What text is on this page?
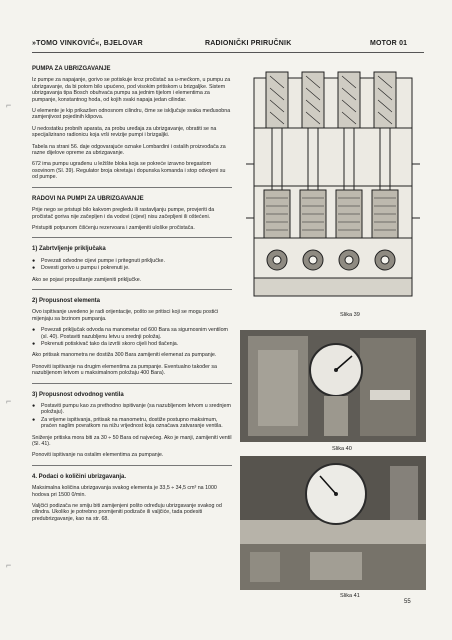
»TOMO VINKOVIĆ«, BJELOVAR	RADIONIČKI PRIRUČNIK	MOTOR 01
⌐
⌐
⌐
PUMPA ZA UBRIZGAVANJE

Iz pumpe za napajanje, gorivo se potiskuje kroz pročistač sa u-mećkom, u pumpu za ubrizgavanje, da bi potom bilo upućeno, pod visokim pritiskom u brizgaljke. Sistem ubrizgavanja tipa Bosch obuhvaća pumpu sa jednim tijelom i elementima za pumpanje, konstantnog hoda, od kojih svaki napaja jedan cilindar.

U elemente je kip prikazšen odnosnom cilindru, čime se isključuje svaka međusobna zamjenjivost pojedinih klipova.

U nedostatku probnih aparata, za probu uređaja za ubrizgavanje, obratiti se na specijalizirano radionicu koja vrši revizije pumpi i brizgaljki.

Tabela na strani 56. daje odgovarajuće oznake Lombardini i ostalih proizvođača za razne dijelove opreme za ubrizgavanje.

672 ima pumpu ugrađenu u ležište bloka koja se pokreće izravno bregastom osovinom (Sl. 39). Regulator broja okretaja i dopunska komanda i stop odvojeni su od pumpe.

RADOVI NA PUMPI ZA UBRIZGAVANJE

Prije nego se pristupi bilo kakvom pregledu ili rastavljanju pumpe, provjeriti da pročistač goriva nije začepljen i da vodovi (cijevi) nisu začepljeni ili oštećeni.

Pristupiti potpunom čišćenju rezervoara i zamijeniti uloške pročistača.

1) Zabrtvljenje priključaka
● Povezati odvodne cijevi pumpe i pritegnuti priključke.
● Dovesti gorivo u pumpu i pokrenuti je.

Ako se pojavi propuštanje zamijeniti priključke.

2) Propusnost elementa

Ovo ispitivanje uvedeno je radi orijentacije, pošto se pritisci koji se mogu postići mijenjaju sa brzinom pumpanja.

● Povezati priključak odvoda na manometar od 600 Bara sa sigurnosnim ventilom (sl. 40). Postaviti nazubljenu letvu u srednji položaj.
● Pokrenuti potiskivač tako da izvrši skoro cijeli hod tlačenja.

Ako pritisak manometra ne dostiža 300 Bara zamijeniti elemenat za pumpanje.

Ponoviti ispitivanje na drugim elementima za pumpanje. Eventualno također sa nazubljenom letvom u maksimalnom položaju 400 Bara).

3) Propusnost odvodnog ventila
● Postaviti pumpu kao za prethodno ispitivanje (sa nazubljenom letvom u srednjem položaju).
● Za vrijeme ispitivanja, pritisak na manometru, dostiže postupno maksimum, praćen naglim povratkom na nižu vrijednost koja označava zatvaranje ventila.

Sniženje pritiska mora biti za 30 ÷ 50 Bara od najvećeg. Ako je manji, zamijeniti ventil (Sl. 41).

Ponoviti ispitivanje na ostalim elementima za pumpanje.

4. Podaci o količini ubrizgavanja.

Maksimalna količina ubrizgavanja svakog elementa je 33,5 ÷ 34,5 cm³ na 1000 hodova pri 1500 0/min.

Valjčići podizača ne smiju biti zamijenjeni pošto određuju ubrizgavanje svakog od cilindra. Ukoliko je potrebno promijeniti podizače ili valjčiće, tada podesiti predubrizgavanje, kao na str. 68.

Slika 39
Slika 40
Slika 41
55
